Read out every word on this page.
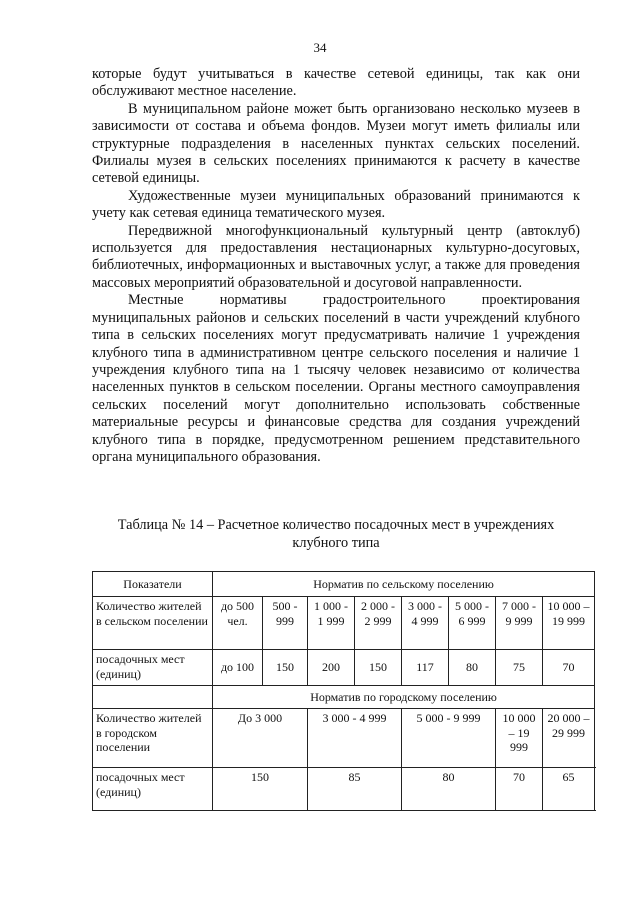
34

которые будут учитываться в качестве сетевой единицы, так как они обслуживают местное население.

В муниципальном районе может быть организовано несколько музеев в зависимости от состава и объема фондов. Музеи могут иметь филиалы или структурные подразделения в населенных пунктах сельских поселений. Филиалы музея в сельских поселениях принимаются к расчету в качестве сетевой единицы.

Художественные музеи муниципальных образований принимаются к учету как сетевая единица тематического музея.

Передвижной многофункциональный культурный центр (автоклуб) используется для предоставления нестационарных культурно-досуговых, библиотечных, информационных и выставочных услуг, а также для проведения массовых мероприятий образовательной и досуговой направленности.

Местные нормативы градостроительного проектирования муниципальных районов и сельских поселений в части учреждений клубного типа в сельских поселениях могут предусматривать наличие 1 учреждения клубного типа в административном центре сельского поселения и наличие 1 учреждения клубного типа на 1 тысячу человек независимо от количества населенных пунктов в сельском поселении. Органы местного самоуправления сельских поселений могут дополнительно использовать собственные материальные ресурсы и финансовые средства для создания учреждений клубного типа в порядке, предусмотренном решением представительного органа муниципального образования.

Таблица № 14 – Расчетное количество посадочных мест в учреждениях клубного типа
Показатели	Норматив по сельскому поселению							
Количество жителей в сельском поселении	до 500 чел.	500 - 999	1 000 - 1 999	2 000 - 2 999	3 000 - 4 999	5 000 - 6 999	7 000 - 9 999	10 000 – 19 999
посадочных мест (единиц)	до 100	150	200	150	117	80	75	70
	Норматив по городскому поселению							
Количество жителей в городском поселении	До 3 000		3 000 - 4 999		5 000 - 9 999		10 000 – 19 999	20 000 – 29 999
посадочных мест (единиц)	150		85		80		70	65
